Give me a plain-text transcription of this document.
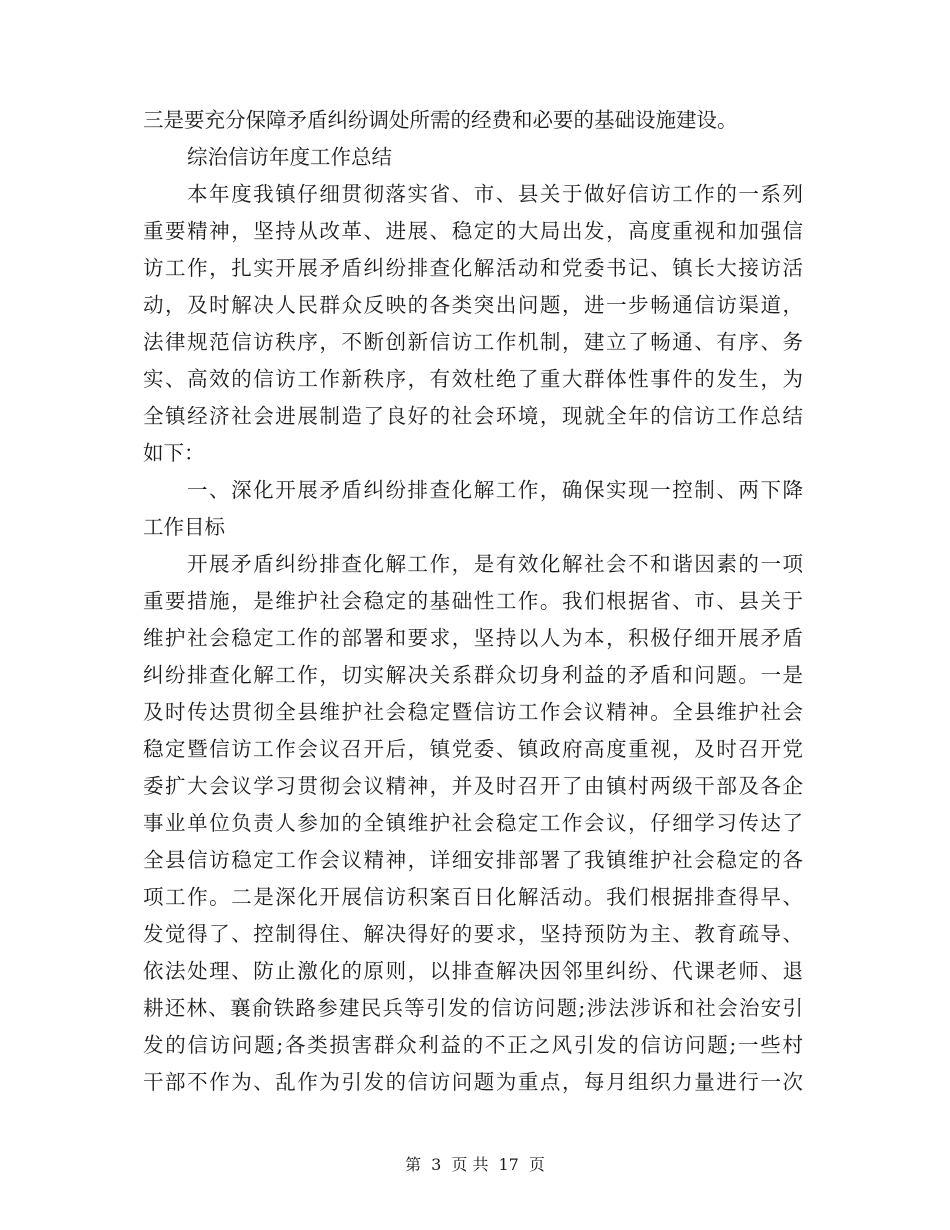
三是要充分保障矛盾纠纷调处所需的经费和必要的基础设施建设。
综治信访年度工作总结
本年度我镇仔细贯彻落实省、市、县关于做好信访工作的一系列
重要精神，坚持从改革、进展、稳定的大局出发，高度重视和加强信
访工作，扎实开展矛盾纠纷排查化解活动和党委书记、镇长大接访活
动，及时解决人民群众反映的各类突出问题，进一步畅通信访渠道，
法律规范信访秩序，不断创新信访工作机制，建立了畅通、有序、务
实、高效的信访工作新秩序，有效杜绝了重大群体性事件的发生，为
全镇经济社会进展制造了良好的社会环境，现就全年的信访工作总结
如下：
一、深化开展矛盾纠纷排查化解工作，确保实现一控制、两下降
工作目标
开展矛盾纠纷排查化解工作，是有效化解社会不和谐因素的一项
重要措施，是维护社会稳定的基础性工作。我们根据省、市、县关于
维护社会稳定工作的部署和要求，坚持以人为本，积极仔细开展矛盾
纠纷排查化解工作，切实解决关系群众切身利益的矛盾和问题。一是
及时传达贯彻全县维护社会稳定暨信访工作会议精神。全县维护社会
稳定暨信访工作会议召开后，镇党委、镇政府高度重视，及时召开党
委扩大会议学习贯彻会议精神，并及时召开了由镇村两级干部及各企
事业单位负责人参加的全镇维护社会稳定工作会议，仔细学习传达了
全县信访稳定工作会议精神，详细安排部署了我镇维护社会稳定的各
项工作。二是深化开展信访积案百日化解活动。我们根据排查得早、
发觉得了、控制得住、解决得好的要求，坚持预防为主、教育疏导、
依法处理、防止激化的原则，以排查解决因邻里纠纷、代课老师、退
耕还林、襄俞铁路参建民兵等引发的信访问题;涉法涉诉和社会治安引
发的信访问题;各类损害群众利益的不正之风引发的信访问题;一些村
干部不作为、乱作为引发的信访问题为重点，每月组织力量进行一次
第 3 页 共 17 页
